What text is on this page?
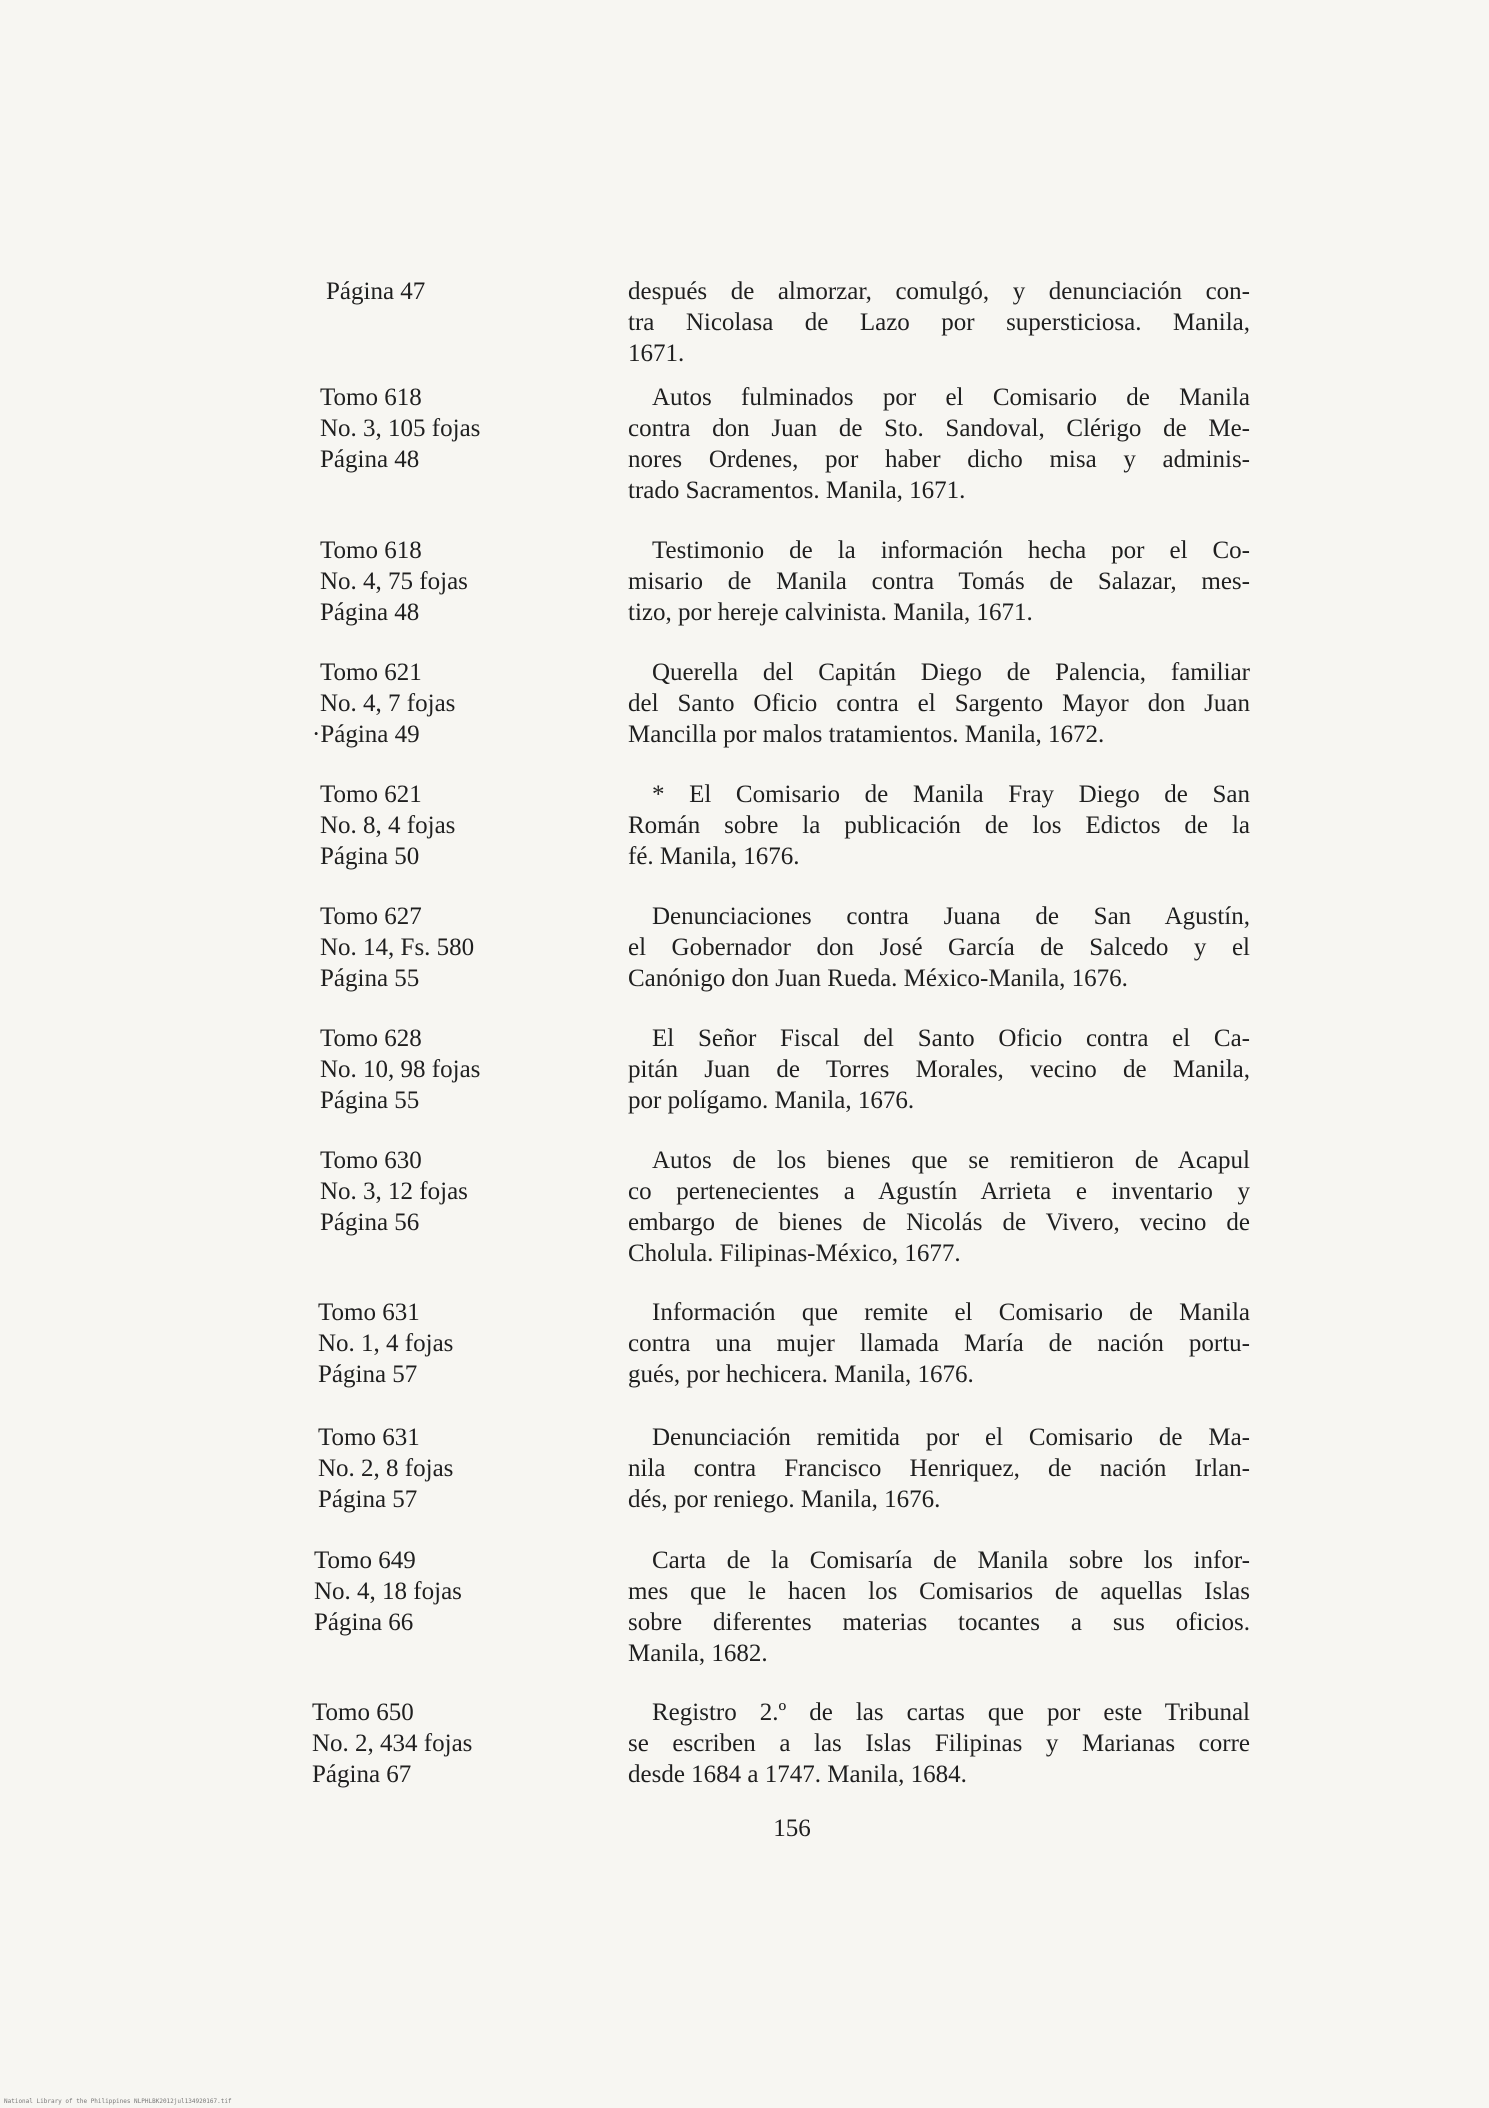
Página 47	después de almorzar, comulgó, y denunciación con-
tra Nicolasa de Lazo por supersticiosa. Manila,
1671.
Tomo 618
No. 3, 105 fojas
Página 48
Autos fulminados por el Comisario de Manila
contra don Juan de Sto. Sandoval, Clérigo de Me-
nores Ordenes, por haber dicho misa y adminis-
trado Sacramentos. Manila, 1671.
Tomo 618
No. 4, 75 fojas
Página 48
Testimonio de la información hecha por el Co-
misario de Manila contra Tomás de Salazar, mes-
tizo, por hereje calvinista. Manila, 1671.
Tomo 621
No. 4, 7 fojas
·Página 49
Querella del Capitán Diego de Palencia, familiar
del Santo Oficio contra el Sargento Mayor don Juan
Mancilla por malos tratamientos. Manila, 1672.
Tomo 621
No. 8, 4 fojas
Página 50
* El Comisario de Manila Fray Diego de San
Román sobre la publicación de los Edictos de la
fé. Manila, 1676.
Tomo 627
No. 14, Fs. 580
Página 55
Denunciaciones contra Juana de San Agustín,
el Gobernador don José García de Salcedo y el
Canónigo don Juan Rueda. México-Manila, 1676.
Tomo 628
No. 10, 98 fojas
Página 55
El Señor Fiscal del Santo Oficio contra el Ca-
pitán Juan de Torres Morales, vecino de Manila,
por polígamo. Manila, 1676.
Tomo 630
No. 3, 12 fojas
Página 56
Autos de los bienes que se remitieron de Acapul
co pertenecientes a Agustín Arrieta e inventario y
embargo de bienes de Nicolás de Vivero, vecino de
Cholula. Filipinas-México, 1677.
Tomo 631
No. 1, 4 fojas
Página 57
Información que remite el Comisario de Manila
contra una mujer llamada María de nación portu-
gués, por hechicera. Manila, 1676.
Tomo 631
No. 2, 8 fojas
Página 57
Denunciación remitida por el Comisario de Ma-
nila contra Francisco Henriquez, de nación Irlan-
dés, por reniego. Manila, 1676.
Tomo 649
No. 4, 18 fojas
Página 66
Carta de la Comisaría de Manila sobre los infor-
mes que le hacen los Comisarios de aquellas Islas
sobre diferentes materias tocantes a sus oficios.
Manila, 1682.
Tomo 650
No. 2, 434 fojas
Página 67
Registro 2.º de las cartas que por este Tribunal
se escriben a las Islas Filipinas y Marianas corre
desde 1684 a 1747. Manila, 1684.
156
National Library of the Philippines NLPHLBK2012jul134920167.tif
